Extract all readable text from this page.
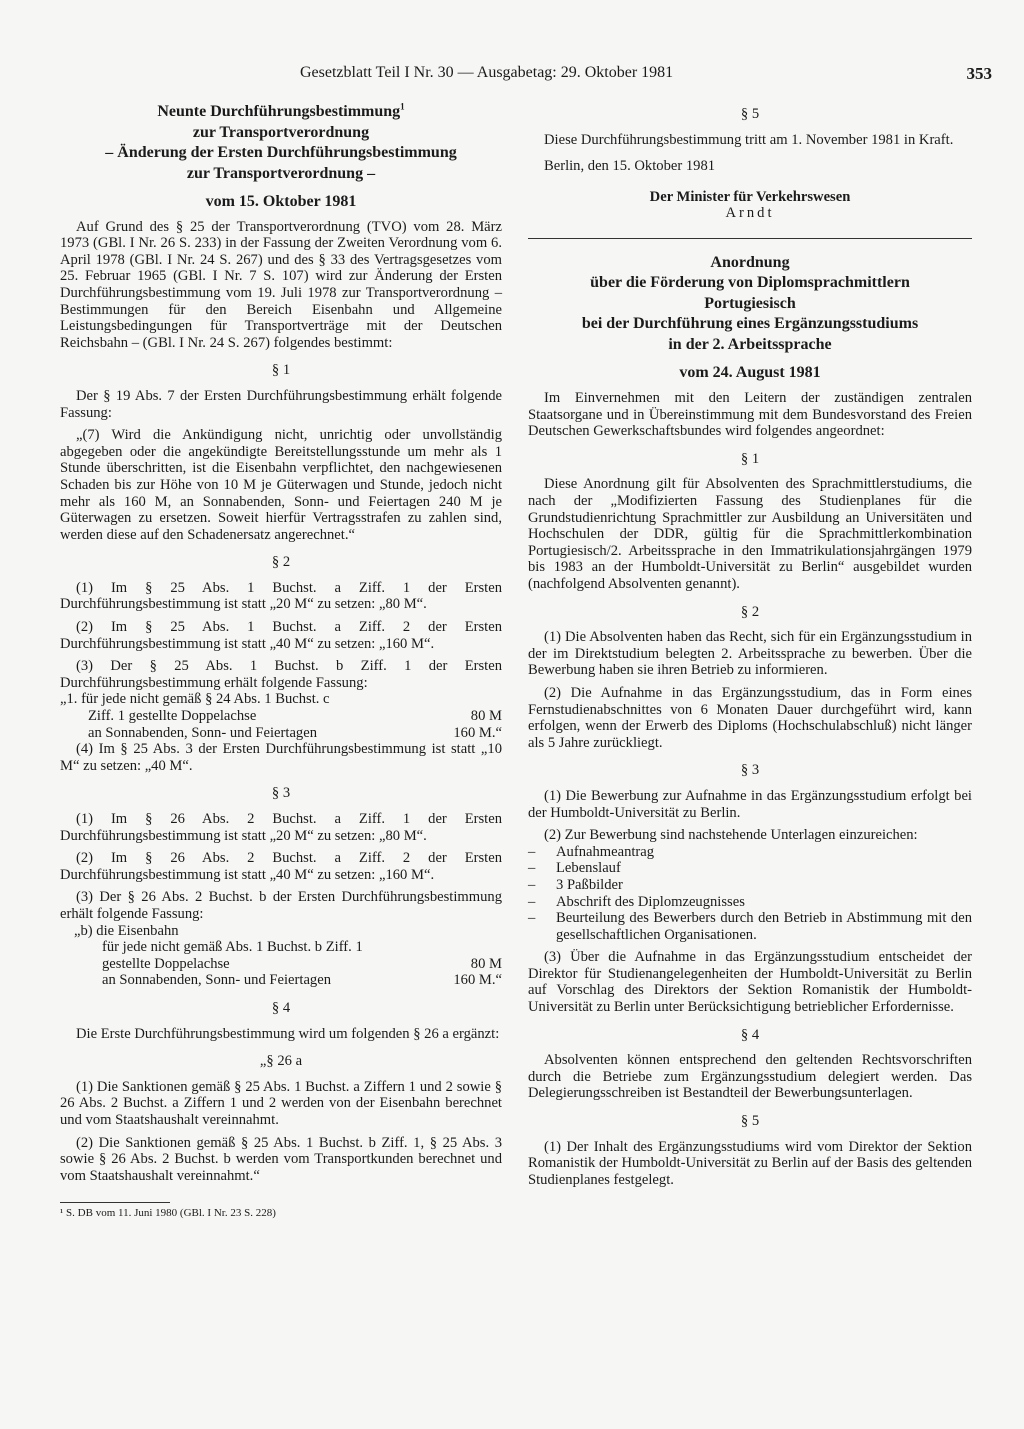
Gesetzblatt Teil I Nr. 30 — Ausgabetag: 29. Oktober 1981	353
Neunte Durchführungsbestimmung$^1$
zur Transportverordnung
– Änderung der Ersten Durchführungsbestimmung
zur Transportverordnung –
vom 15. Oktober 1981

Auf Grund des § 25 der Transportverordnung (TVO) vom 28. März 1973 (GBl. I Nr. 26 S. 233) in der Fassung der Zweiten Verordnung vom 6. April 1978 (GBl. I Nr. 24 S. 267) und des § 33 des Vertragsgesetzes vom 25. Februar 1965 (GBl. I Nr. 7 S. 107) wird zur Änderung der Ersten Durchführungsbestimmung vom 19. Juli 1978 zur Transportverordnung – Bestimmungen für den Bereich Eisenbahn und Allgemeine Leistungsbedingungen für Transportverträge mit der Deutschen Reichsbahn – (GBl. I Nr. 24 S. 267) folgendes bestimmt:

§ 1

Der § 19 Abs. 7 der Ersten Durchführungsbestimmung erhält folgende Fassung:

„(7) Wird die Ankündigung nicht, unrichtig oder unvollständig abgegeben oder die angekündigte Bereitstellungsstunde um mehr als 1 Stunde überschritten, ist die Eisenbahn verpflichtet, den nachgewiesenen Schaden bis zur Höhe von 10 M je Güterwagen und Stunde, jedoch nicht mehr als 160 M, an Sonnabenden, Sonn- und Feiertagen 240 M je Güterwagen zu ersetzen. Soweit hierfür Vertragsstrafen zu zahlen sind, werden diese auf den Schadenersatz angerechnet.“

§ 2

(1) Im § 25 Abs. 1 Buchst. a Ziff. 1 der Ersten Durchführungsbestimmung ist statt „20 M“ zu setzen: „80 M“.

(2) Im § 25 Abs. 1 Buchst. a Ziff. 2 der Ersten Durchführungsbestimmung ist statt „40 M“ zu setzen: „160 M“.

(3) Der § 25 Abs. 1 Buchst. b Ziff. 1 der Ersten Durchführungsbestimmung erhält folgende Fassung:

„1. für jede nicht gemäß § 24 Abs. 1 Buchst. c
Ziff. 1 gestellte Doppelachse	80 M
an Sonnabenden, Sonn- und Feiertagen	160 M.“

(4) Im § 25 Abs. 3 der Ersten Durchführungsbestimmung ist statt „10 M“ zu setzen: „40 M“.

§ 3

(1) Im § 26 Abs. 2 Buchst. a Ziff. 1 der Ersten Durchführungsbestimmung ist statt „20 M“ zu setzen: „80 M“.

(2) Im § 26 Abs. 2 Buchst. a Ziff. 2 der Ersten Durchführungsbestimmung ist statt „40 M“ zu setzen: „160 M“.

(3) Der § 26 Abs. 2 Buchst. b der Ersten Durchführungsbestimmung erhält folgende Fassung:

„b) die Eisenbahn
für jede nicht gemäß Abs. 1 Buchst. b Ziff. 1
gestellte Doppelachse	80 M
an Sonnabenden, Sonn- und Feiertagen	160 M.“
§ 4

Die Erste Durchführungsbestimmung wird um folgenden § 26 a ergänzt:

„§ 26 a

(1) Die Sanktionen gemäß § 25 Abs. 1 Buchst. a Ziffern 1 und 2 sowie § 26 Abs. 2 Buchst. a Ziffern 1 und 2 werden von der Eisenbahn berechnet und vom Staatshaushalt vereinnahmt.

(2) Die Sanktionen gemäß § 25 Abs. 1 Buchst. b Ziff. 1, § 25 Abs. 3 sowie § 26 Abs. 2 Buchst. b werden vom Transportkunden berechnet und vom Staatshaushalt vereinnahmt.“

¹ S. DB vom 11. Juni 1980 (GBl. I Nr. 23 S. 228)
§ 5

Diese Durchführungsbestimmung tritt am 1. November 1981 in Kraft.

Berlin, den 15. Oktober 1981

Der Minister für Verkehrswesen
Arndt
Anordnung
über die Förderung von Diplomsprachmittlern
Portugiesisch
bei der Durchführung eines Ergänzungsstudiums
in der 2. Arbeitssprache
vom 24. August 1981

Im Einvernehmen mit den Leitern der zuständigen zentralen Staatsorgane und in Übereinstimmung mit dem Bundesvorstand des Freien Deutschen Gewerkschaftsbundes wird folgendes angeordnet:

§ 1

Diese Anordnung gilt für Absolventen des Sprachmittlerstudiums, die nach der „Modifizierten Fassung des Studienplanes für die Grundstudienrichtung Sprachmittler zur Ausbildung an Universitäten und Hochschulen der DDR, gültig für die Sprachmittlerkombination Portugiesisch/2. Arbeitssprache in den Immatrikulationsjahrgängen 1979 bis 1983 an der Humboldt-Universität zu Berlin“ ausgebildet wurden (nachfolgend Absolventen genannt).

§ 2

(1) Die Absolventen haben das Recht, sich für ein Ergänzungsstudium in der im Direktstudium belegten 2. Arbeitssprache zu bewerben. Über die Bewerbung haben sie ihren Betrieb zu informieren.

(2) Die Aufnahme in das Ergänzungsstudium, das in Form eines Fernstudienabschnittes von 6 Monaten Dauer durchgeführt wird, kann erfolgen, wenn der Erwerb des Diploms (Hochschulabschluß) nicht länger als 5 Jahre zurückliegt.

§ 3

(1) Die Bewerbung zur Aufnahme in das Ergänzungsstudium erfolgt bei der Humboldt-Universität zu Berlin.

(2) Zur Bewerbung sind nachstehende Unterlagen einzureichen:

– Aufnahmeantrag
– Lebenslauf
– 3 Paßbilder
– Abschrift des Diplomzeugnisses
– Beurteilung des Bewerbers durch den Betrieb in Abstimmung mit den gesellschaftlichen Organisationen.

(3) Über die Aufnahme in das Ergänzungsstudium entscheidet der Direktor für Studienangelegenheiten der Humboldt-Universität zu Berlin auf Vorschlag des Direktors der Sektion Romanistik der Humboldt-Universität zu Berlin unter Berücksichtigung betrieblicher Erfordernisse.

§ 4

Absolventen können entsprechend den geltenden Rechtsvorschriften durch die Betriebe zum Ergänzungsstudium delegiert werden. Das Delegierungsschreiben ist Bestandteil der Bewerbungsunterlagen.

§ 5

(1) Der Inhalt des Ergänzungsstudiums wird vom Direktor der Sektion Romanistik der Humboldt-Universität zu Berlin auf der Basis des geltenden Studienplanes festgelegt.
